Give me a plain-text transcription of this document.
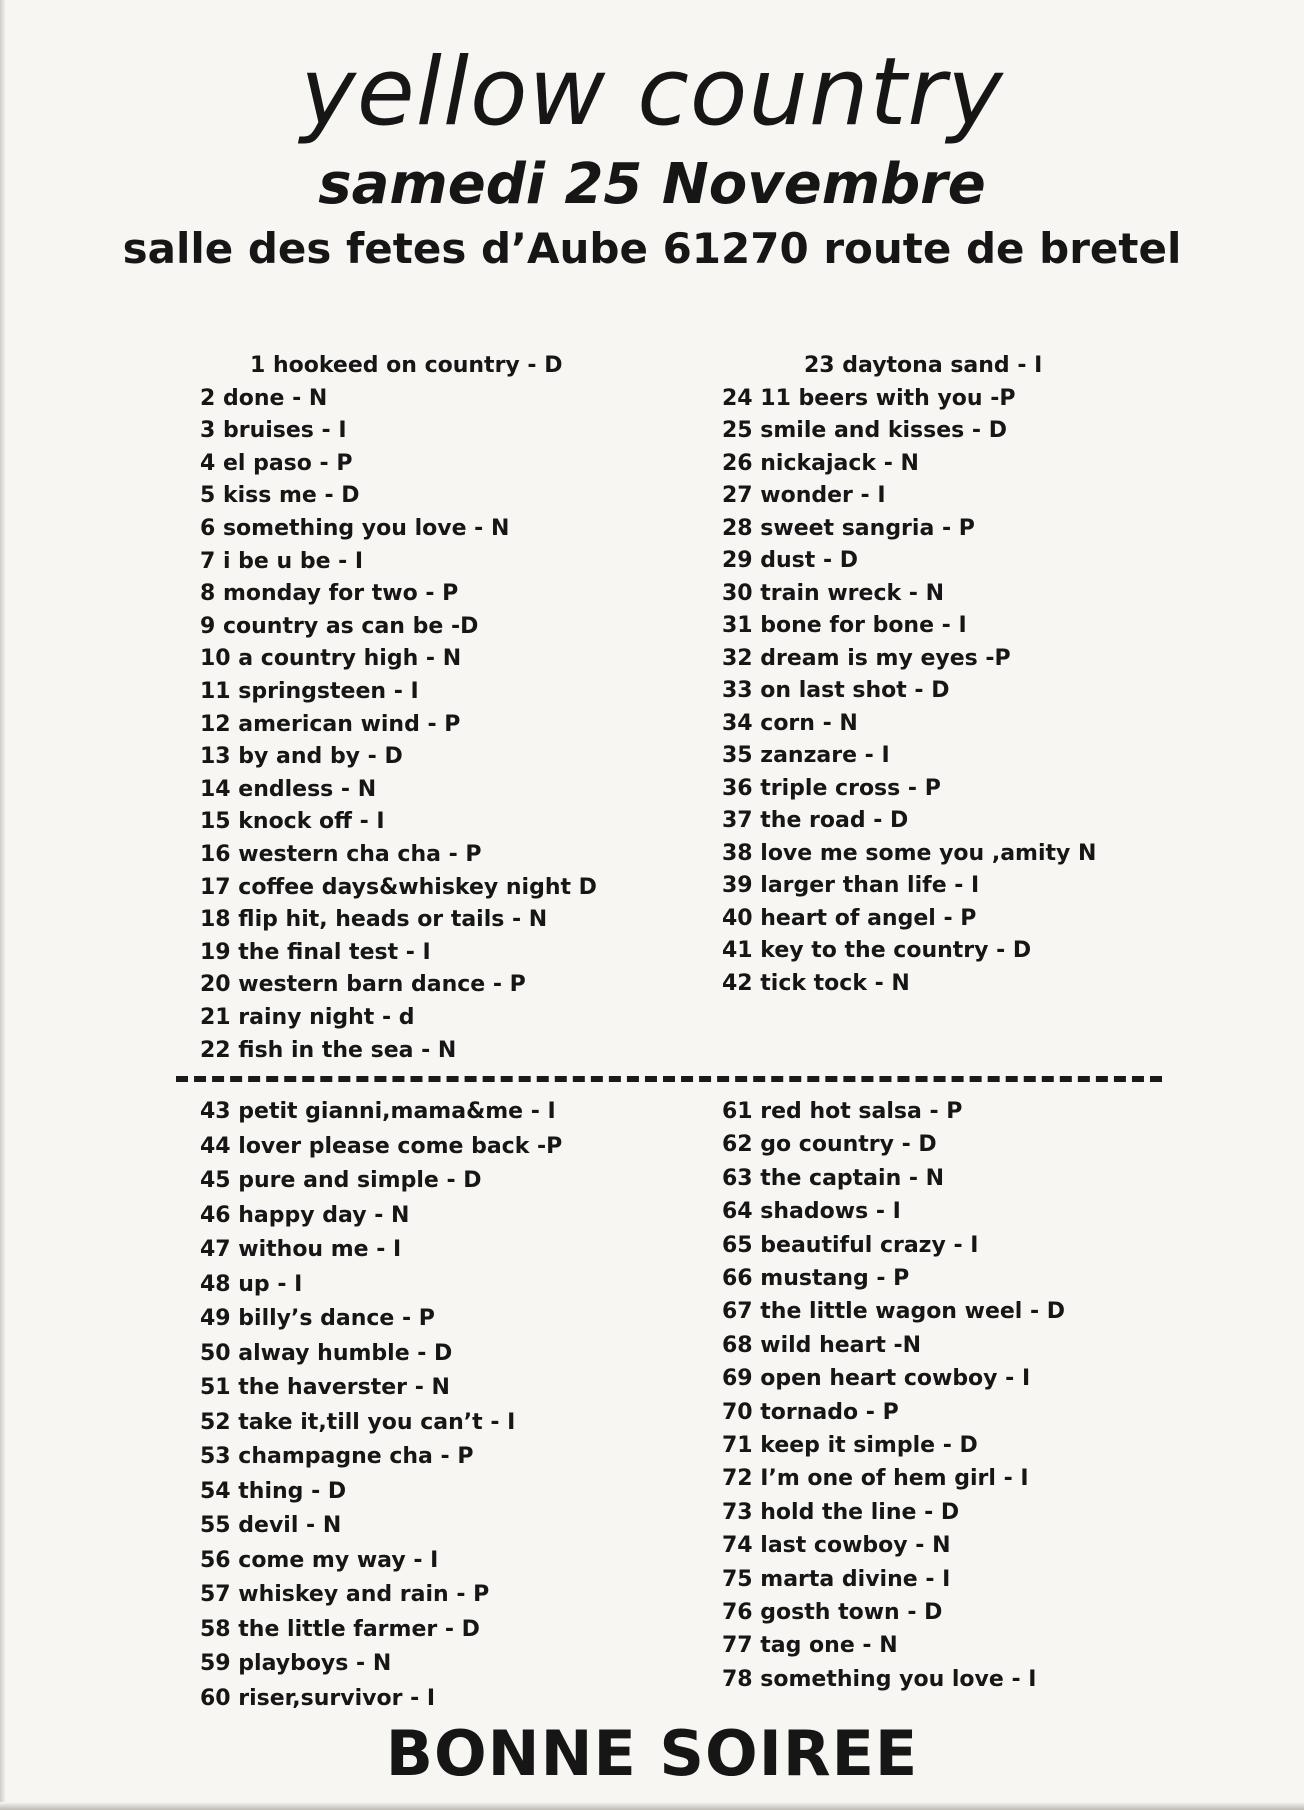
yellow country
samedi 25 Novembre
salle des fetes d’Aube 61270 route de bretel
1 hookeed on country - D
2 done - N
3 bruises - I
4 el paso - P
5 kiss me - D
6 something you love - N
7 i be u be - I
8 monday for two - P
9 country as can be -D
10 a country high - N
11 springsteen - I
12 american wind - P
13 by and by - D
14 endless - N
15 knock off - I
16 western cha cha - P
17 coffee days&whiskey night D
18 flip hit, heads or tails - N
19 the final test - I
20 western barn dance - P
21 rainy night - d
22 fish in the sea - N
23 daytona sand - I
24 11 beers with you -P
25 smile and kisses - D
26 nickajack - N
27 wonder - I
28 sweet sangria - P
29 dust - D
30 train wreck - N
31 bone for bone - I
32 dream is my eyes -P
33 on last shot - D
34 corn - N
35 zanzare - I
36 triple cross - P
37 the road - D
38 love me some you ,amity N
39 larger than life - I
40 heart of angel - P
41 key to the country - D
42 tick tock - N
43 petit gianni,mama&me - I
44 lover please come back -P
45 pure and simple - D
46 happy day - N
47 withou me - I
48 up - I
49 billy’s dance - P
50 alway humble - D
51 the haverster - N
52 take it,till you can’t - I
53 champagne cha - P
54 thing - D
55 devil - N
56 come my way - I
57 whiskey and rain - P
58 the little farmer - D
59 playboys - N
60 riser,survivor - I
61 red hot salsa - P
62 go country - D
63 the captain - N
64 shadows - I
65 beautiful crazy - I
66 mustang - P
67 the little wagon weel - D
68 wild heart -N
69 open heart cowboy - I
70 tornado - P
71 keep it simple - D
72 I’m one of hem girl - I
73 hold the line - D
74 last cowboy - N
75 marta divine - I
76 gosth town - D
77 tag one - N
78 something you love - I
BONNE SOIREE
